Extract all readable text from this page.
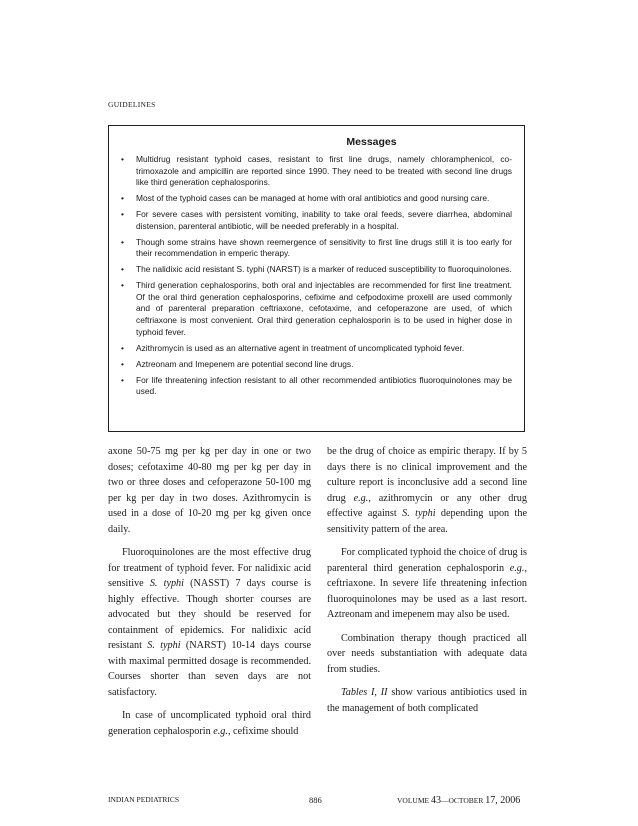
GUIDELINES
Messages
• Multidrug resistant typhoid cases, resistant to first line drugs, namely chloramphenicol, co-trimoxazole and ampicillin are reported since 1990. They need to be treated with second line drugs like third generation cephalosporins.
• Most of the typhoid cases can be managed at home with oral antibiotics and good nursing care.
• For severe cases with persistent vomiting, inability to take oral feeds, severe diarrhea, abdominal distension, parenteral antibiotic, will be needed preferably in a hospital.
• Though some strains have shown reemergence of sensitivity to first line drugs still it is too early for their recommendation in emperic therapy.
• The nalidixic acid resistant S. typhi (NARST) is a marker of reduced susceptibility to fluoroquinolones.
• Third generation cephalosporins, both oral and injectables are recommended for first line treatment. Of the oral third generation cephalosporins, cefixime and cefpodoxime proxelil are used commonly and of parenteral preparation ceftriaxone, cefotaxime, and cefoperazone are used, of which ceftriaxone is most convenient. Oral third generation cephalosporin is to be used in higher dose in typhoid fever.
• Azithromycin is used as an alternative agent in treatment of uncomplicated typhoid fever.
• Aztreonam and Imepenem are potential second line drugs.
• For life threatening infection resistant to all other recommended antibiotics fluoroquinolones may be used.

axone 50-75 mg per kg per day in one or two doses; cefotaxime 40-80 mg per kg per day in two or three doses and cefoperazone 50-100 mg per kg per day in two doses. Azithromycin is used in a dose of 10-20 mg per kg given once daily.

Fluoroquinolones are the most effective drug for treatment of typhoid fever. For nalidixic acid sensitive S. typhi (NASST) 7 days course is highly effective. Though shorter courses are advocated but they should be reserved for containment of epidemics. For nalidixic acid resistant S. typhi (NARST) 10-14 days course with maximal permitted dosage is recommended. Courses shorter than seven days are not satisfactory.

In case of uncomplicated typhoid oral third generation cephalosporin e.g., cefixime should

be the drug of choice as empiric therapy. If by 5 days there is no clinical improvement and the culture report is inconclusive add a second line drug e.g., azithromycin or any other drug effective against S. typhi depending upon the sensitivity pattern of the area.

For complicated typhoid the choice of drug is parenteral third generation cephalosporin e.g., ceftriaxone. In severe life threatening infection fluoroquinolones may be used as a last resort. Aztreonam and imepenem may also be used.

Combination therapy though practiced all over needs substantiation with adequate data from studies.

Tables I, II show various antibiotics used in the management of both complicated

INDIAN PEDIATRICS	886	VOLUME 43—OCTOBER 17, 2006
